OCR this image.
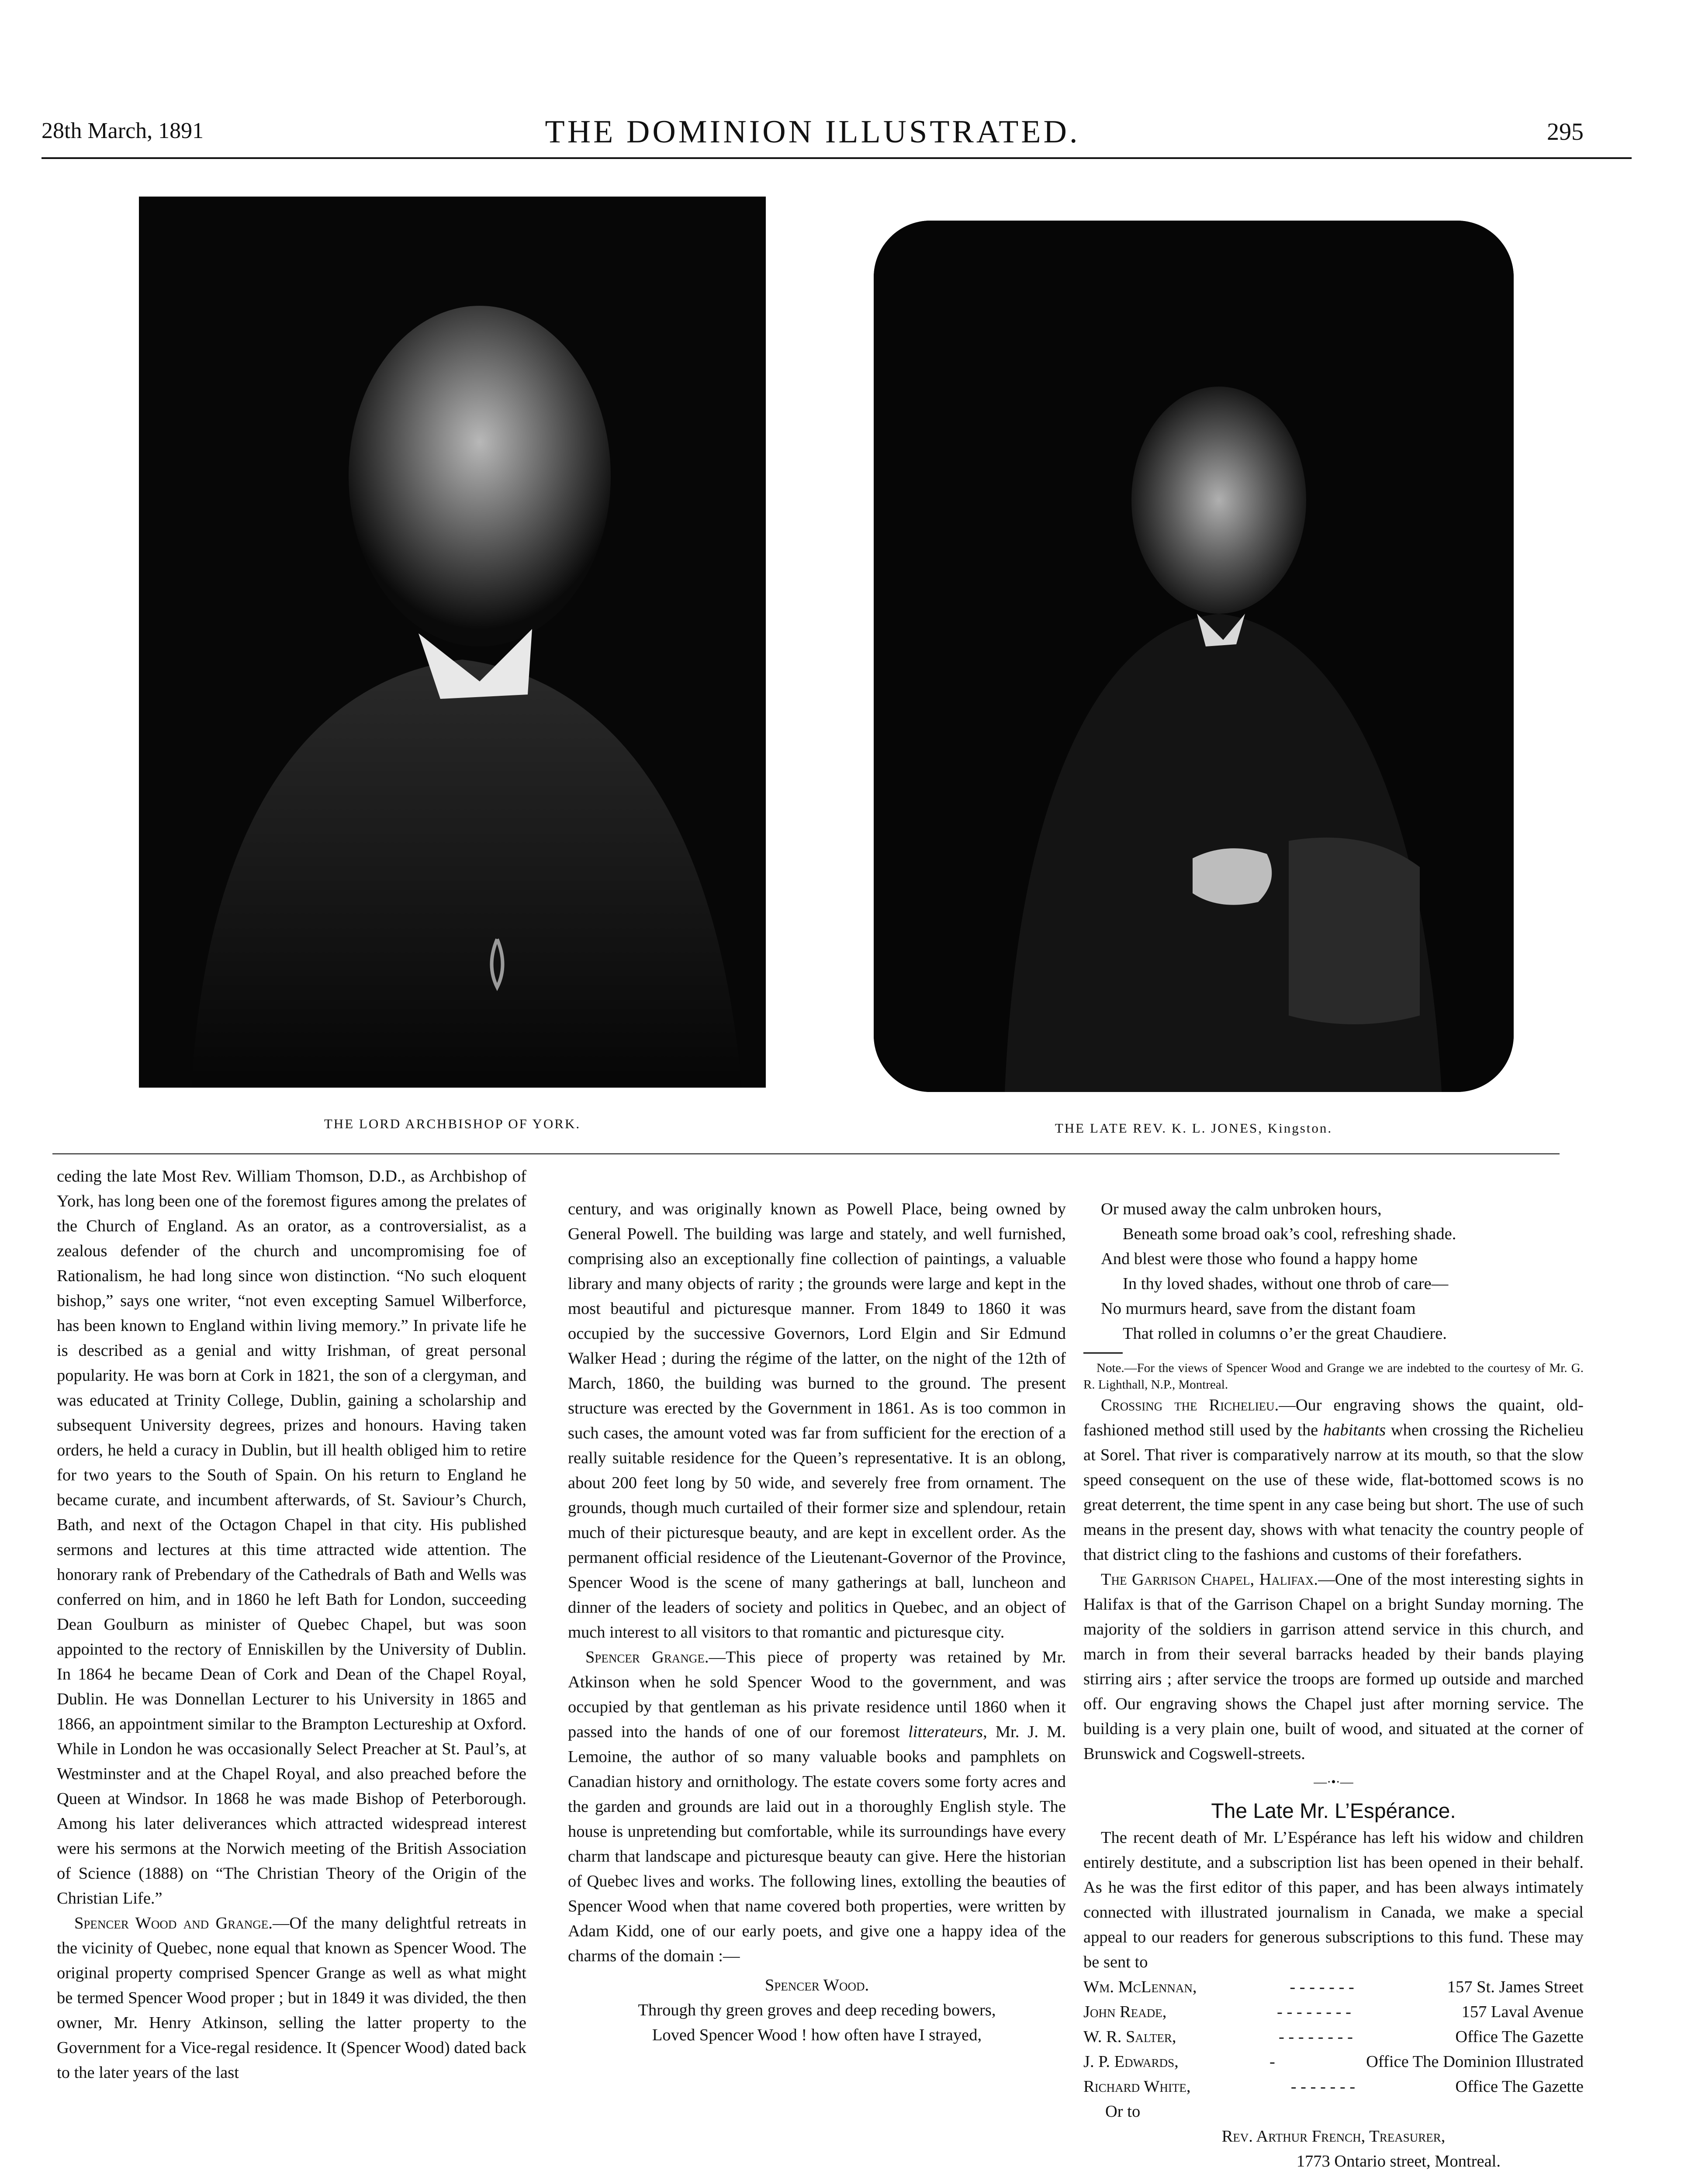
28th March, 1891	THE DOMINION ILLUSTRATED.	295
THE LORD ARCHBISHOP OF YORK.	THE LATE REV. K. L. JONES, Kingston.

ceding the late Most Rev. William Thomson, D.D., as Archbishop of York, has long been one of the foremost figures among the prelates of the Church of England. As an orator, as a controversialist, as a zealous defender of the church and uncompromising foe of Rationalism, he had long since won distinction. “No such eloquent bishop,” says one writer, “not even excepting Samuel Wilberforce, has been known to England within living memory.” In private life he is described as a genial and witty Irishman, of great personal popularity. He was born at Cork in 1821, the son of a clergyman, and was educated at Trinity College, Dublin, gaining a scholarship and subsequent University degrees, prizes and honours. Having taken orders, he held a curacy in Dublin, but ill health obliged him to retire for two years to the South of Spain. On his return to England he became curate, and incumbent afterwards, of St. Saviour’s Church, Bath, and next of the Octagon Chapel in that city. His published sermons and lectures at this time attracted wide attention. The honorary rank of Prebendary of the Cathedrals of Bath and Wells was conferred on him, and in 1860 he left Bath for London, succeeding Dean Goulburn as minister of Quebec Chapel, but was soon appointed to the rectory of Enniskillen by the University of Dublin. In 1864 he became Dean of Cork and Dean of the Chapel Royal, Dublin. He was Donnellan Lecturer to his University in 1865 and 1866, an appointment similar to the Brampton Lectureship at Oxford. While in London he was occasionally Select Preacher at St. Paul’s, at Westminster and at the Chapel Royal, and also preached before the Queen at Windsor. In 1868 he was made Bishop of Peterborough. Among his later deliverances which attracted widespread interest were his sermons at the Norwich meeting of the British Association of Science (1888) on “The Christian Theory of the Origin of the Christian Life.”

Spencer Wood and Grange.—Of the many delightful retreats in the vicinity of Quebec, none equal that known as Spencer Wood. The original property comprised Spencer Grange as well as what might be termed Spencer Wood proper ; but in 1849 it was divided, the then owner, Mr. Henry Atkinson, selling the latter property to the Government for a Vice-regal residence. It (Spencer Wood) dated back to the later years of the last

century, and was originally known as Powell Place, being owned by General Powell. The building was large and stately, and well furnished, comprising also an exceptionally fine collection of paintings, a valuable library and many objects of rarity ; the grounds were large and kept in the most beautiful and picturesque manner. From 1849 to 1860 it was occupied by the successive Governors, Lord Elgin and Sir Edmund Walker Head ; during the régime of the latter, on the night of the 12th of March, 1860, the building was burned to the ground. The present structure was erected by the Government in 1861. As is too common in such cases, the amount voted was far from sufficient for the erection of a really suitable residence for the Queen’s representative. It is an oblong, about 200 feet long by 50 wide, and severely free from ornament. The grounds, though much curtailed of their former size and splendour, retain much of their picturesque beauty, and are kept in excellent order. As the permanent official residence of the Lieutenant-Governor of the Province, Spencer Wood is the scene of many gatherings at ball, luncheon and dinner of the leaders of society and politics in Quebec, and an object of much interest to all visitors to that romantic and picturesque city.

Spencer Grange.—This piece of property was retained by Mr. Atkinson when he sold Spencer Wood to the government, and was occupied by that gentleman as his private residence until 1860 when it passed into the hands of one of our foremost litterateurs, Mr. J. M. Lemoine, the author of so many valuable books and pamphlets on Canadian history and ornithology. The estate covers some forty acres and the garden and grounds are laid out in a thoroughly English style. The house is unpretending but comfortable, while its surroundings have every charm that landscape and picturesque beauty can give. Here the historian of Quebec lives and works. The following lines, extolling the beauties of Spencer Wood when that name covered both properties, were written by Adam Kidd, one of our early poets, and give one a happy idea of the charms of the domain :—

Spencer Wood.
Through thy green groves and deep receding bowers,
Loved Spencer Wood ! how often have I strayed,
Or mused away the calm unbroken hours,
Beneath some broad oak’s cool, refreshing shade.
And blest were those who found a happy home
In thy loved shades, without one throb of care—
No murmurs heard, save from the distant foam
That rolled in columns o’er the great Chaudiere.
Note.—For the views of Spencer Wood and Grange we are indebted to the courtesy of Mr. G. R. Lighthall, N.P., Montreal.

Crossing the Richelieu.—Our engraving shows the quaint, old-fashioned method still used by the habitants when crossing the Richelieu at Sorel. That river is comparatively narrow at its mouth, so that the slow speed consequent on the use of these wide, flat-bottomed scows is no great deterrent, the time spent in any case being but short. The use of such means in the present day, shows with what tenacity the country people of that district cling to the fashions and customs of their forefathers.

The Garrison Chapel, Halifax.—One of the most interesting sights in Halifax is that of the Garrison Chapel on a bright Sunday morning. The majority of the soldiers in garrison attend service in this church, and march in from their several barracks headed by their bands playing stirring airs ; after service the troops are formed up outside and marched off. Our engraving shows the Chapel just after morning service. The building is a very plain one, built of wood, and situated at the corner of Brunswick and Cogswell-streets.

—·•·—
The Late Mr. L’Espérance.

The recent death of Mr. L’Espérance has left his widow and children entirely destitute, and a subscription list has been opened in their behalf. As he was the first editor of this paper, and has been always intimately connected with illustrated journalism in Canada, we make a special appeal to our readers for generous subscriptions to this fund. These may be sent to

Wm. McLennan,	- - - - - - -	157 St. James Street
John Reade,	- - - - - - - -	157 Laval Avenue
W. R. Salter,	- - - - - - - -	Office The Gazette
J. P. Edwards,	-	Office The Dominion Illustrated
Richard White,	- - - - - - -	Office The Gazette
Or to
Rev. Arthur French, Treasurer,
1773 Ontario street, Montreal.
